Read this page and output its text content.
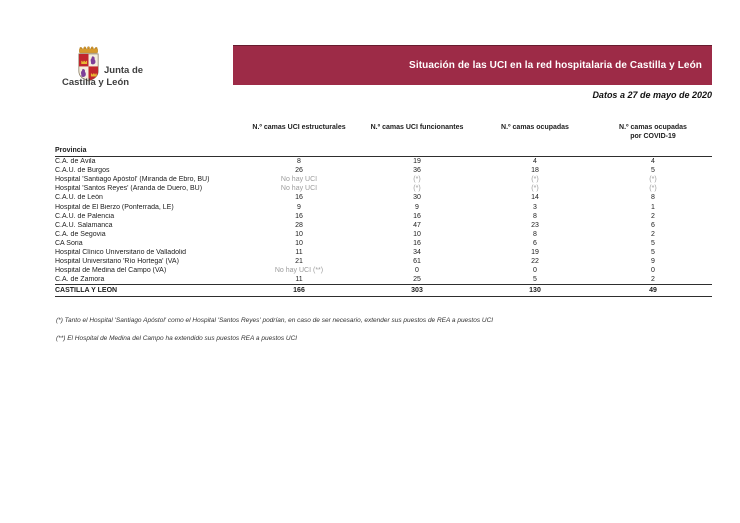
Junta de
Castilla y León
Situación de las UCI en la red hospitalaria de Castilla y León
Datos a 27 de mayo de 2020
N.º camas UCI estructurales	N.º camas UCI funcionantes	N.º camas ocupadas	N.º camas ocupadas por COVID-19
Provincia
C.A. de Ávila	8	19	4	4
C.A.U. de Burgos	26	36	18	5
Hospital 'Santiago Apóstol' (Miranda de Ebro, BU)	No hay UCI	(*)	(*)	(*)
Hospital 'Santos Reyes' (Aranda de Duero, BU)	No hay UCI	(*)	(*)	(*)
C.A.U. de León	16	30	14	8
Hospital de El Bierzo (Ponferrada, LE)	9	9	3	1
C.A.U. de Palencia	16	16	8	2
C.A.U. Salamanca	28	47	23	6
C.A. de Segovia	10	10	8	2
CA Soria	10	16	6	5
Hospital Clínico Universitario de Valladolid	11	34	19	5
Hospital Universitario 'Río Hortega' (VA)	21	61	22	9
Hospital de Medina del Campo (VA)	No hay UCI (**)	0	0	0
C.A. de Zamora	11	25	5	2
CASTILLA Y LEÓN	166	303	130	49
(*) Tanto el Hospital 'Santiago Apóstol' como el Hospital 'Santos Reyes' podrían, en caso de ser necesario, extender sus puestos de REA a puestos UCI
(**) El Hospital de Medina del Campo ha extendido sus puestos REA a puestos UCI
